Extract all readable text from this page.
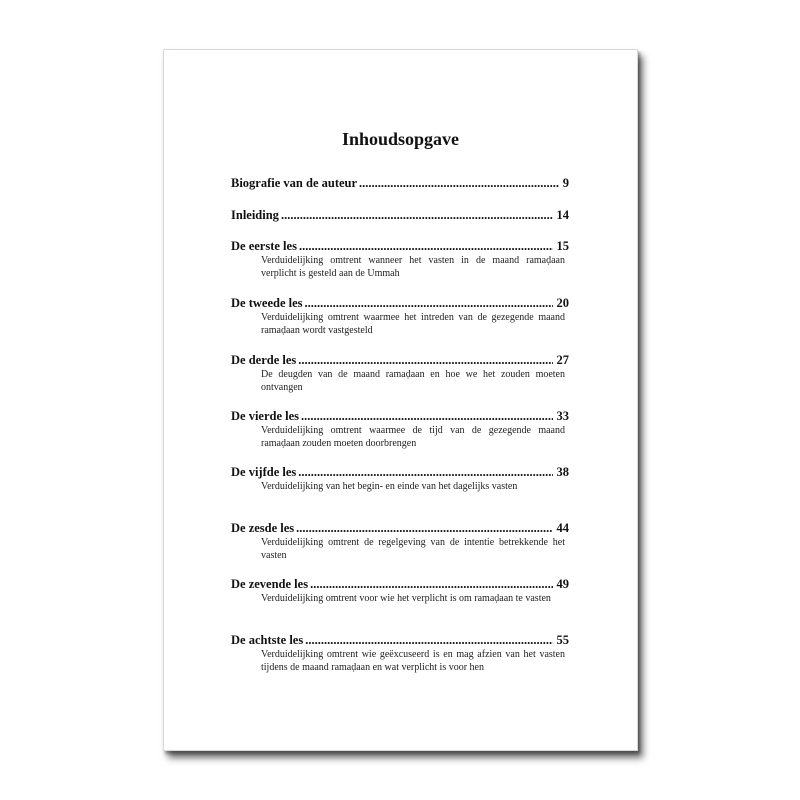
Inhoudsopgave
Biografie van de auteur .....	9
Inleiding .....	14
De eerste les .....	15
Verduidelijking omtrent wanneer het vasten in de maand ramaḍaan verplicht is gesteld aan de Ummah
De tweede les .....	20
Verduidelijking omtrent waarmee het intreden van de gezegende maand ramaḍaan wordt vastgesteld
De derde les .....	27
De deugden van de maand ramaḍaan en hoe we het zouden moeten ontvangen
De vierde les .....	33
Verduidelijking omtrent waarmee de tijd van de gezegende maand ramaḍaan zouden moeten doorbrengen
De vijfde les .....	38
Verduidelijking van het begin- en einde van het dagelijks vasten
De zesde les .....	44
Verduidelijking omtrent de regelgeving van de intentie betrekkende het vasten
De zevende les .....	49
Verduidelijking omtrent voor wie het verplicht is om ramaḍaan te vasten
De achtste les .....	55
Verduidelijking omtrent wie geëxcuseerd is en mag afzien van het vasten tijdens de maand ramaḍaan en wat verplicht is voor hen
